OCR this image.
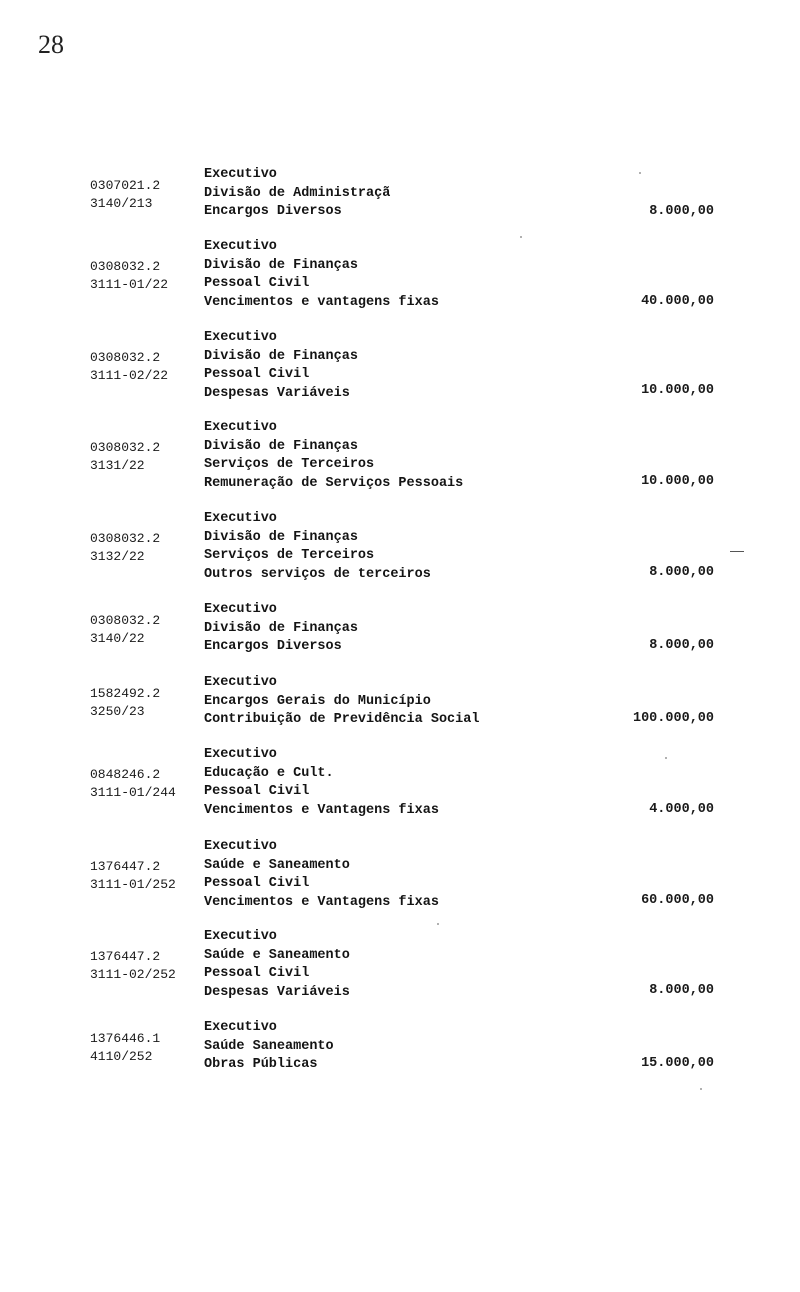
28
0307021.2
3140/213
Executivo
Divisão de Administraçã
Encargos Diversos	8.000,00
0308032.2
3111-01/22
Executivo
Divisão de Finanças
Pessoal Civil
Vencimentos e vantagens fixas	40.000,00
0308032.2
3111-02/22
Executivo
Divisão de Finanças
Pessoal Civil
Despesas Variáveis	10.000,00
0308032.2
3131/22
Executivo
Divisão de Finanças
Serviços de Terceiros
Remuneração de Serviços Pessoais	10.000,00
0308032.2
3132/22
Executivo
Divisão de Finanças
Serviços de Terceiros
Outros serviços de terceiros	8.000,00
0308032.2
3140/22
Executivo
Divisão de Finanças
Encargos Diversos	8.000,00
1582492.2
3250/23
Executivo
Encargos Gerais do Município
Contribuição de Previdência Social	100.000,00
0848246.2
3111-01/244
Executivo
Educação e Cult.
Pessoal Civil
Vencimentos e Vantagens fixas	4.000,00
1376447.2
3111-01/252
Executivo
Saúde e Saneamento
Pessoal Civil
Vencimentos e Vantagens fixas	60.000,00
1376447.2
3111-02/252
Executivo
Saúde e Saneamento
Pessoal Civil
Despesas Variáveis	8.000,00
1376446.1
4110/252
Executivo
Saúde Saneamento
Obras Públicas	15.000,00
